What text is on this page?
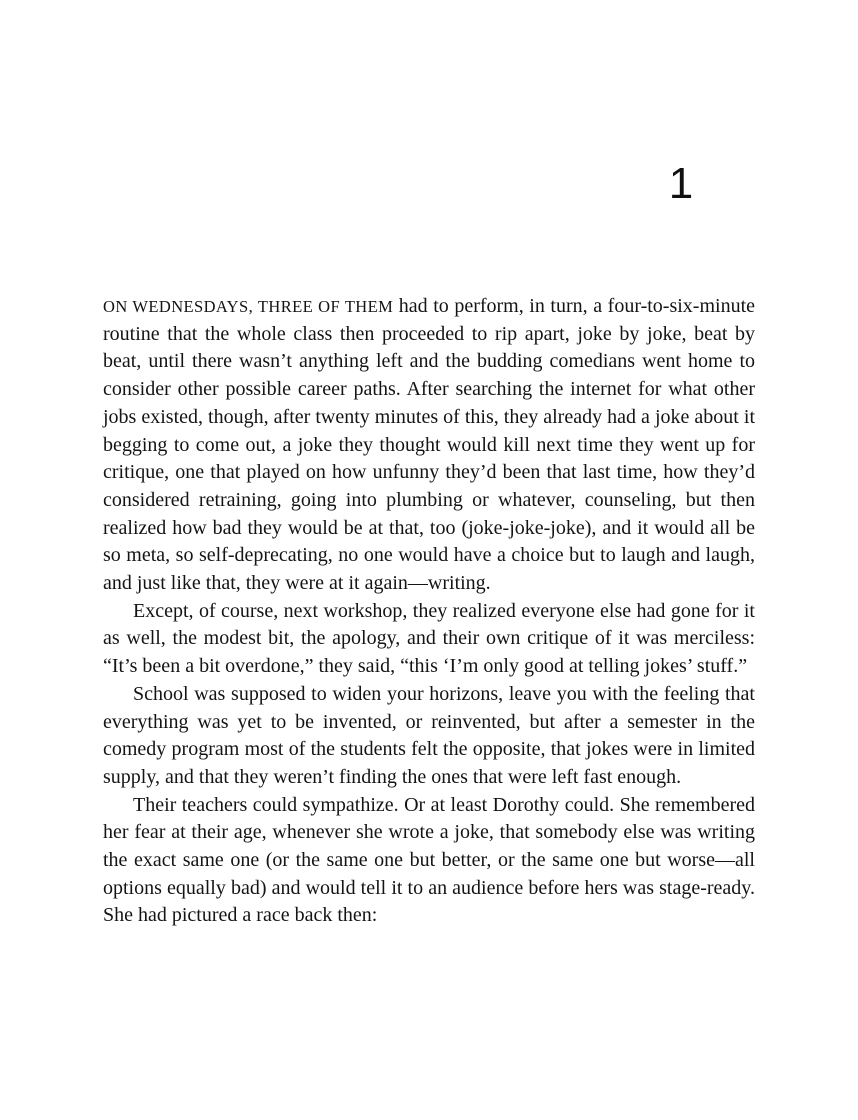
1

ON WEDNESDAYS, THREE OF THEM had to perform, in turn, a four-to-six-minute routine that the whole class then proceeded to rip apart, joke by joke, beat by beat, until there wasn’t anything left and the budding comedians went home to consider other possible career paths. After searching the internet for what other jobs existed, though, after twenty minutes of this, they already had a joke about it begging to come out, a joke they thought would kill next time they went up for critique, one that played on how unfunny they’d been that last time, how they’d considered retraining, going into plumbing or whatever, counseling, but then realized how bad they would be at that, too (joke-joke-joke), and it would all be so meta, so self-deprecating, no one would have a choice but to laugh and laugh, and just like that, they were at it again—writing.

Except, of course, next workshop, they realized everyone else had gone for it as well, the modest bit, the apology, and their own critique of it was merciless: “It’s been a bit overdone,” they said, “this ‘I’m only good at telling jokes’ stuff.”

School was supposed to widen your horizons, leave you with the feeling that everything was yet to be invented, or reinvented, but after a semester in the comedy program most of the students felt the opposite, that jokes were in limited supply, and that they weren’t finding the ones that were left fast enough.

Their teachers could sympathize. Or at least Dorothy could. She remembered her fear at their age, whenever she wrote a joke, that somebody else was writing the exact same one (or the same one but better, or the same one but worse—all options equally bad) and would tell it to an audience before hers was stage-ready. She had pictured a race back then:
